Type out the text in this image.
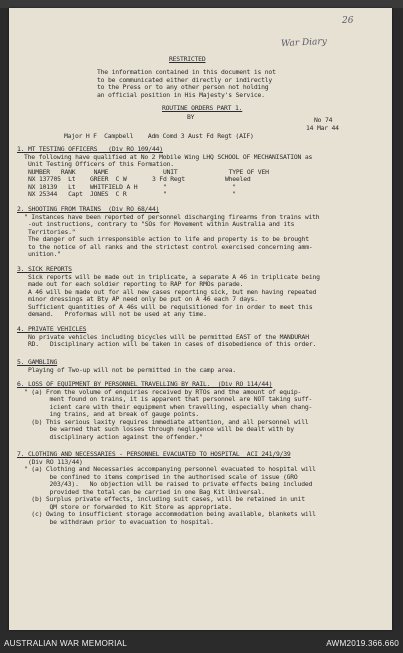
26
War Diary
RESTRICTED
The information contained in this document is not
to be communicated either directly or indirectly
to the Press or to any other person not holding
an official position in His Majesty's Service.
ROUTINE ORDERS PART 1.
BY	No 74
14 Mar 44
Major H F  Campbell    Adm Comd 3 Aust Fd Regt (AIF)
1. MT TESTING OFFICERS   (Div RO 109/44)
The following have qualified at No 2 Mobile Wing LHQ SCHOOL OF MECHANISATION as
Unit Testing Officers of this Formation.
NUMBER   RANK     NAME               UNIT              TYPE OF VEH
NX 137705  Lt    GREER  C W       3 Fd Regt           Wheeled
NX 10139   Lt    WHITFIELD A H       "                  "
NX 25344   Capt  JONES  C R          "                  "
2. SHOOTING FROM TRAINS  (Div RO 68/44)
" Instances have been reported of personnel discharging firearms from trains with
-out instructions, contrary to "SOs for Movement within Australia and its
Territories."
The danger of such irresponsible action to life and property is to be brought
to the notice of all ranks and the strictest control exercised concerning amm-
unition."
3. SICK REPORTS
Sick reports will be made out in triplicate, a separate A 46 in triplicate being
made out for each soldier reporting to RAP for RMOs parade.
A 46 will be made out for all new cases reporting sick, but men having repeated
minor dressings at Bty AP need only be put on A 46 each 7 days.
Sufficient quantities of A 46s will be requisitioned for in order to meet this
demand.   Proformas will not be used at any time.
4. PRIVATE VEHICLES
No private vehicles including bicycles will be permitted EAST of the MANDURAH
RD.   Disciplinary action will be taken in cases of disobedience of this order.
5. GAMBLING
Playing of Two-up will not be permitted in the camp area.
6. LOSS OF EQUIPMENT BY PERSONNEL TRAVELLING BY RAIL.  (Div RO 114/44)
" (a) From the volume of enquiries received by RTOs and the amount of equip-
ment found on trains, it is apparent that personnel are NOT taking suff-
icient care with their equipment when travelling, especially when chang-
ing trains, and at break of gauge points.
(b) This serious laxity requires immediate attention, and all personnel will
be warned that such losses through negligence will be dealt with by
disciplinary action against the offender."
7. CLOTHING AND NECESSARIES - PERSONNEL EVACUATED TO HOSPITAL  ACI 241/9/39
(Div RO 113/44)
" (a) Clothing and Necessaries accompanying personnel evacuated to hospital will
be confined to items comprised in the authorised scale of issue (GRO
203/43).   No objection will be raised to private effects being included
provided the total can be carried in one Bag Kit Universal.
(b) Surplus private effects, including suit cases, will be retained in unit
QM store or forwarded to Kit Store as appropriate.
(c) Owing to insufficient storage accommodation being available, blankets will
be withdrawn prior to evacuation to hospital.
AUSTRALIAN WAR MEMORIAL	AWM2019.366.660
